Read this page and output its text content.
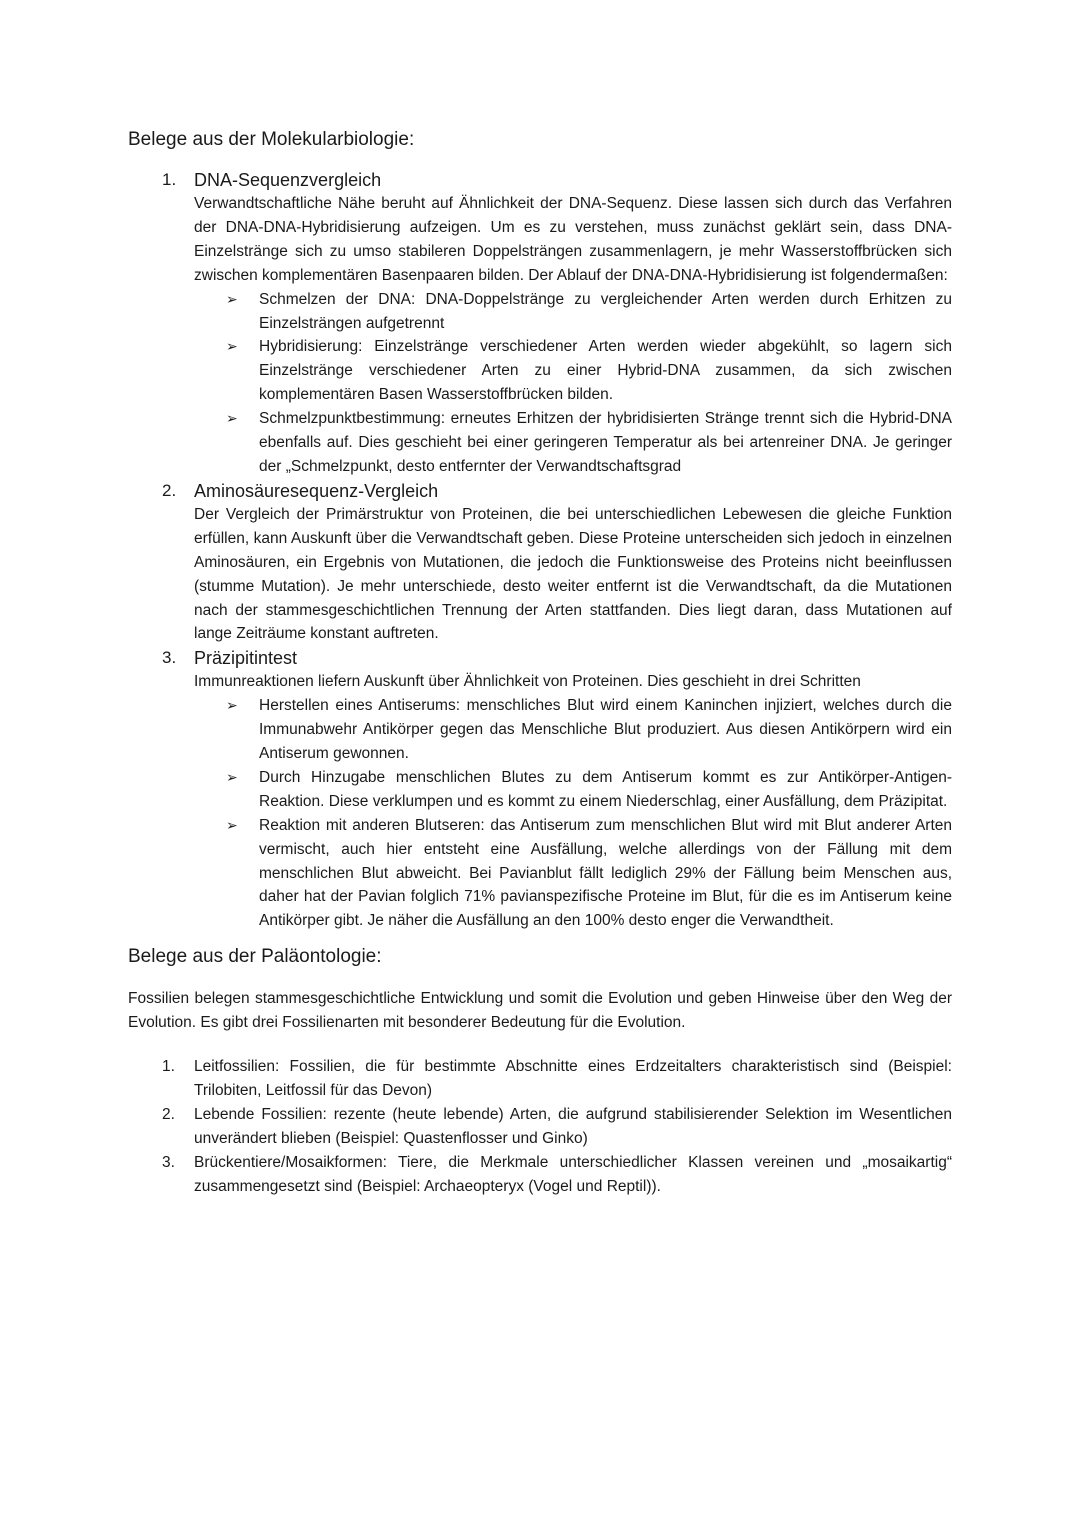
Belege aus der Molekularbiologie:
1. DNA-Sequenzvergleich
Verwandtschaftliche Nähe beruht auf Ähnlichkeit der DNA-Sequenz. Diese lassen sich durch das Verfahren der DNA-DNA-Hybridisierung aufzeigen. Um es zu verstehen, muss zunächst geklärt sein, dass DNA-Einzelstränge sich zu umso stabileren Doppelsträngen zusammenlagern, je mehr Wasserstoffbrücken sich zwischen komplementären Basenpaaren bilden. Der Ablauf der DNA-DNA-Hybridisierung ist folgendermaßen:
➢ Schmelzen der DNA: DNA-Doppelstränge zu vergleichender Arten werden durch Erhitzen zu Einzelsträngen aufgetrennt
➢ Hybridisierung: Einzelstränge verschiedener Arten werden wieder abgekühlt, so lagern sich Einzelstränge verschiedener Arten zu einer Hybrid-DNA zusammen, da sich zwischen komplementären Basen Wasserstoffbrücken bilden.
➢ Schmelzpunktbestimmung: erneutes Erhitzen der hybridisierten Stränge trennt sich die Hybrid-DNA ebenfalls auf. Dies geschieht bei einer geringeren Temperatur als bei artenreiner DNA. Je geringer der „Schmelzpunkt, desto entfernter der Verwandtschaftsgrad
2. Aminosäuresequenz-Vergleich
Der Vergleich der Primärstruktur von Proteinen, die bei unterschiedlichen Lebewesen die gleiche Funktion erfüllen, kann Auskunft über die Verwandtschaft geben. Diese Proteine unterscheiden sich jedoch in einzelnen Aminosäuren, ein Ergebnis von Mutationen, die jedoch die Funktionsweise des Proteins nicht beeinflussen (stumme Mutation). Je mehr unterschiede, desto weiter entfernt ist die Verwandtschaft, da die Mutationen nach der stammesgeschichtlichen Trennung der Arten stattfanden. Dies liegt daran, dass Mutationen auf lange Zeiträume konstant auftreten.
3. Präzipitintest
Immunreaktionen liefern Auskunft über Ähnlichkeit von Proteinen. Dies geschieht in drei Schritten
➢ Herstellen eines Antiserums: menschliches Blut wird einem Kaninchen injiziert, welches durch die Immunabwehr Antikörper gegen das Menschliche Blut produziert. Aus diesen Antikörpern wird ein Antiserum gewonnen.
➢ Durch Hinzugabe menschlichen Blutes zu dem Antiserum kommt es zur Antikörper-Antigen-Reaktion. Diese verklumpen und es kommt zu einem Niederschlag, einer Ausfällung, dem Präzipitat.
➢ Reaktion mit anderen Blutseren: das Antiserum zum menschlichen Blut wird mit Blut anderer Arten vermischt, auch hier entsteht eine Ausfällung, welche allerdings von der Fällung mit dem menschlichen Blut abweicht. Bei Pavianblut fällt lediglich 29% der Fällung beim Menschen aus, daher hat der Pavian folglich 71% pavianspezifische Proteine im Blut, für die es im Antiserum keine Antikörper gibt. Je näher die Ausfällung an den 100% desto enger die Verwandtheit.
Belege aus der Paläontologie:

Fossilien belegen stammesgeschichtliche Entwicklung und somit die Evolution und geben Hinweise über den Weg der Evolution. Es gibt drei Fossilienarten mit besonderer Bedeutung für die Evolution.

1. Leitfossilien: Fossilien, die für bestimmte Abschnitte eines Erdzeitalters charakteristisch sind (Beispiel: Trilobiten, Leitfossil für das Devon)
2. Lebende Fossilien: rezente (heute lebende) Arten, die aufgrund stabilisierender Selektion im Wesentlichen unverändert blieben (Beispiel: Quastenflosser und Ginko)
3. Brückentiere/Mosaikformen: Tiere, die Merkmale unterschiedlicher Klassen vereinen und „mosaikartig“ zusammengesetzt sind (Beispiel: Archaeopteryx (Vogel und Reptil)).
